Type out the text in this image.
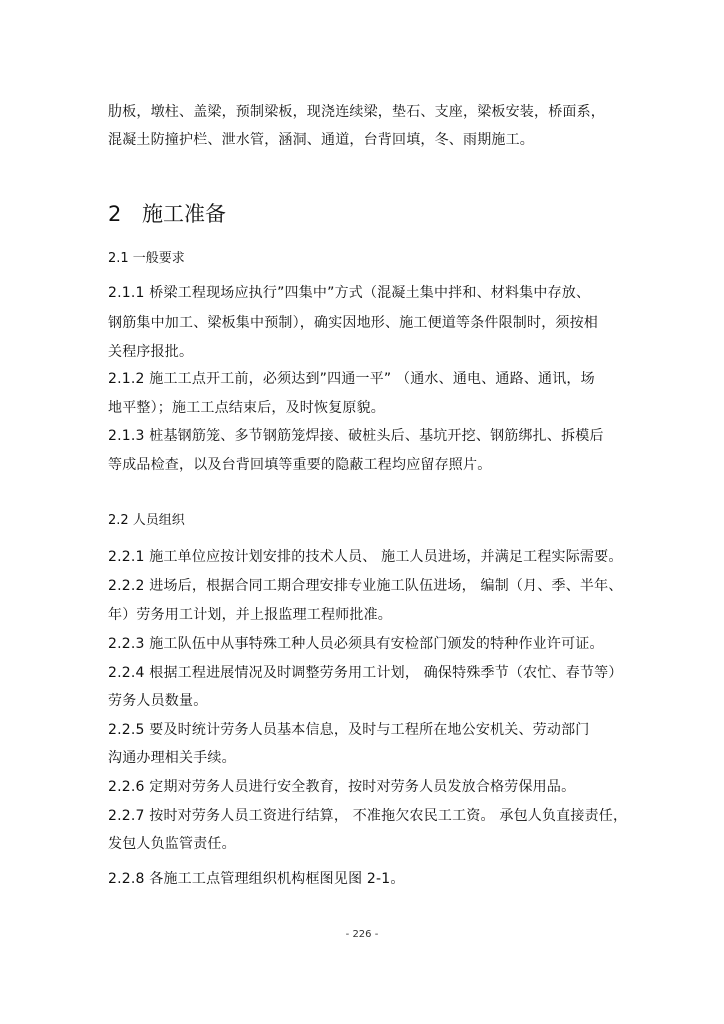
肋板，墩柱、盖梁，预制梁板，现浇连续梁，垫石、支座，梁板安装，桥面系，
混凝土防撞护栏、泄水管，涵洞、通道，台背回填，冬、雨期施工。
2 施工准备
2.1 一般要求
2.1.1 桥梁工程现场应执行”四集中”方式（混凝土集中拌和、材料集中存放、
钢筋集中加工、梁板集中预制），确实因地形、施工便道等条件限制时，须按相
关程序报批。
2.1.2 施工工点开工前，必须达到”四通一平” （通水、通电、通路、通讯，场
地平整）；施工工点结束后，及时恢复原貌。
2.1.3 桩基钢筋笼、多节钢筋笼焊接、破桩头后、基坑开挖、钢筋绑扎、拆模后
等成品检查，以及台背回填等重要的隐蔽工程均应留存照片。
2.2 人员组织
2.2.1 施工单位应按计划安排的技术人员、 施工人员进场，并满足工程实际需要。
2.2.2 进场后，根据合同工期合理安排专业施工队伍进场， 编制（月、季、半年、
年）劳务用工计划，并上报监理工程师批准。
2.2.3 施工队伍中从事特殊工种人员必须具有安检部门颁发的特种作业许可证。
2.2.4 根据工程进展情况及时调整劳务用工计划， 确保特殊季节（农忙、春节等）
劳务人员数量。
2.2.5 要及时统计劳务人员基本信息，及时与工程所在地公安机关、劳动部门
沟通办理相关手续。
2.2.6 定期对劳务人员进行安全教育，按时对劳务人员发放合格劳保用品。
2.2.7 按时对劳务人员工资进行结算， 不准拖欠农民工工资。 承包人负直接责任，
发包人负监管责任。
2.2.8 各施工工点管理组织机构框图见图 2-1。
- 226 -
